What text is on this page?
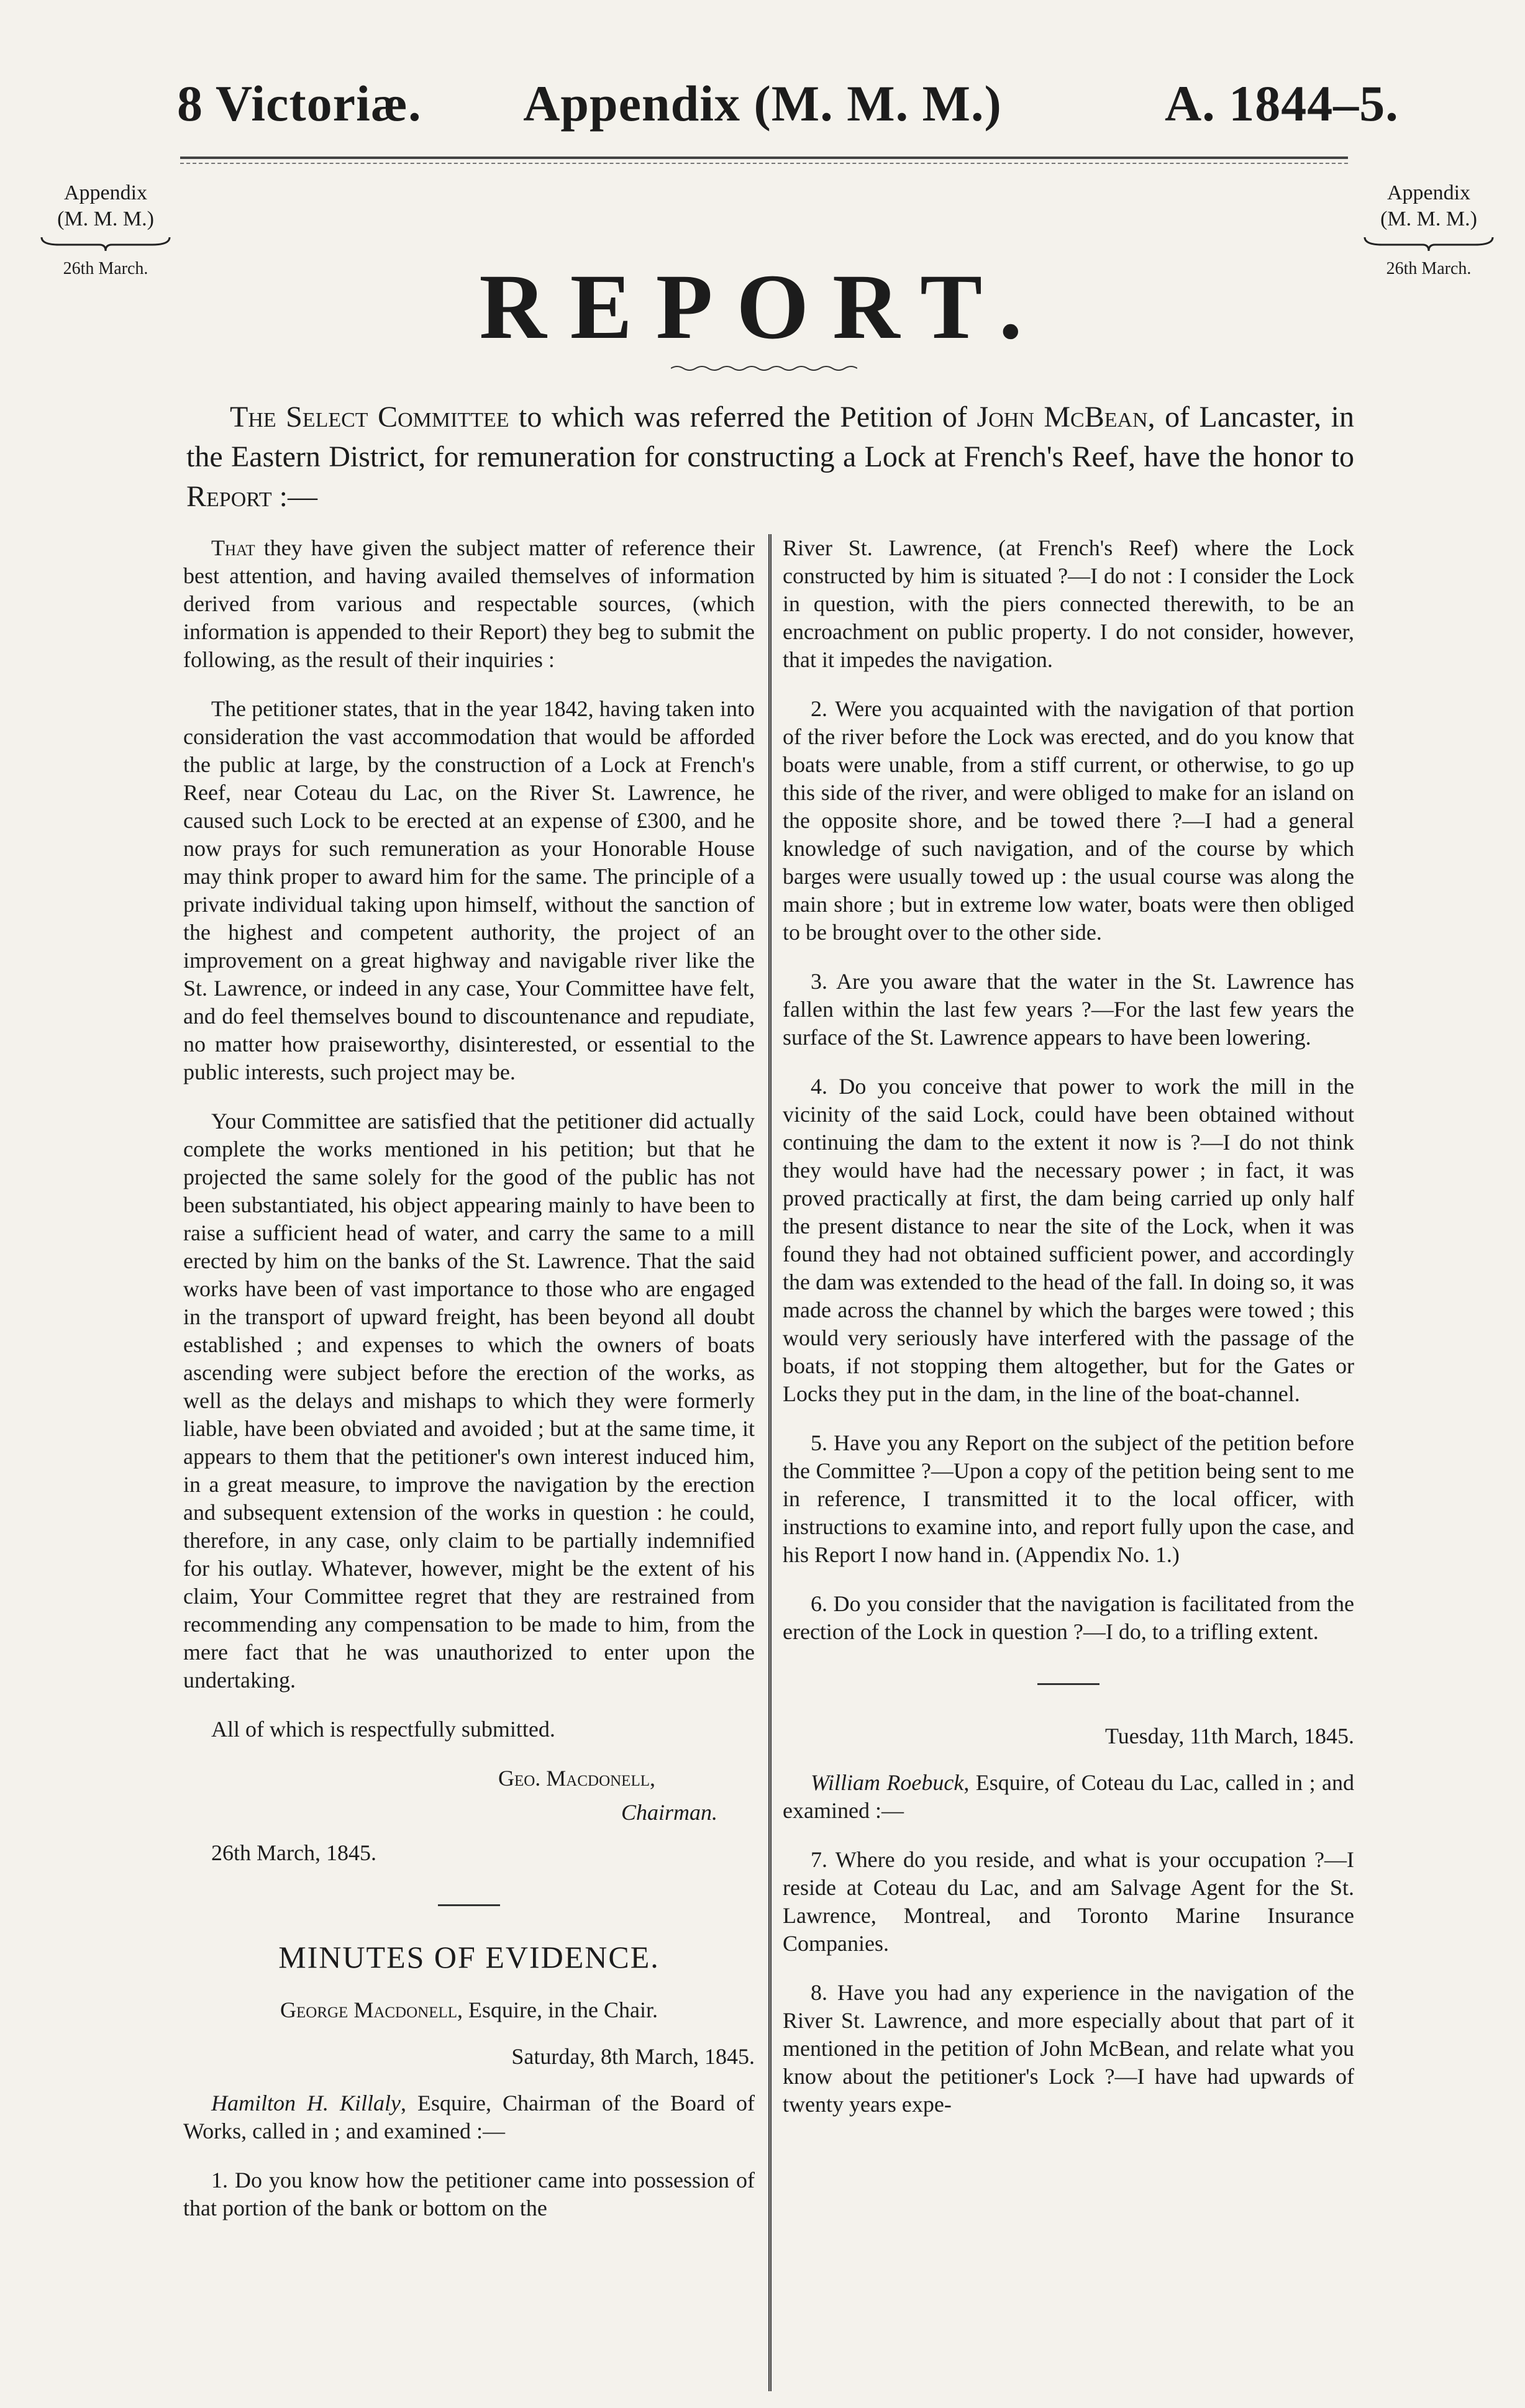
8 Victoriæ.	Appendix (M. M. M.)	A. 1844–5.
Appendix
(M. M. M.)
26th March.
Appendix
(M. M. M.)
26th March.
REPORT.
The Select Committee to which was referred the Petition of John McBean, of Lancaster, in the Eastern District, for remuneration for constructing a Lock at French's Reef, have the honor to Report :—

That they have given the subject matter of reference their best attention, and having availed themselves of information derived from various and respectable sources, (which information is appended to their Report) they beg to submit the following, as the result of their inquiries :

The petitioner states, that in the year 1842, having taken into consideration the vast accommodation that would be afforded the public at large, by the construction of a Lock at French's Reef, near Coteau du Lac, on the River St. Lawrence, he caused such Lock to be erected at an expense of £300, and he now prays for such remuneration as your Honorable House may think proper to award him for the same. The principle of a private individual taking upon himself, without the sanction of the highest and competent authority, the project of an improvement on a great highway and navigable river like the St. Lawrence, or indeed in any case, Your Committee have felt, and do feel themselves bound to discountenance and repudiate, no matter how praiseworthy, disinterested, or essential to the public interests, such project may be.

Your Committee are satisfied that the petitioner did actually complete the works mentioned in his petition; but that he projected the same solely for the good of the public has not been substantiated, his object appearing mainly to have been to raise a sufficient head of water, and carry the same to a mill erected by him on the banks of the St. Lawrence. That the said works have been of vast importance to those who are engaged in the transport of upward freight, has been beyond all doubt established ; and expenses to which the owners of boats ascending were subject before the erection of the works, as well as the delays and mishaps to which they were formerly liable, have been obviated and avoided ; but at the same time, it appears to them that the petitioner's own interest induced him, in a great measure, to improve the navigation by the erection and subsequent extension of the works in question : he could, therefore, in any case, only claim to be partially indemnified for his outlay. Whatever, however, might be the extent of his claim, Your Committee regret that they are restrained from recommending any compensation to be made to him, from the mere fact that he was unauthorized to enter upon the undertaking.

All of which is respectfully submitted.

Geo. Macdonell,
Chairman.
26th March, 1845.
MINUTES OF EVIDENCE.
George Macdonell, Esquire, in the Chair.
Saturday, 8th March, 1845.

Hamilton H. Killaly, Esquire, Chairman of the Board of Works, called in ; and examined :—

1. Do you know how the petitioner came into possession of that portion of the bank or bottom on the

River St. Lawrence, (at French's Reef) where the Lock constructed by him is situated ?—I do not : I consider the Lock in question, with the piers connected therewith, to be an encroachment on public property. I do not consider, however, that it impedes the navigation.

2. Were you acquainted with the navigation of that portion of the river before the Lock was erected, and do you know that boats were unable, from a stiff current, or otherwise, to go up this side of the river, and were obliged to make for an island on the opposite shore, and be towed there ?—I had a general knowledge of such navigation, and of the course by which barges were usually towed up : the usual course was along the main shore ; but in extreme low water, boats were then obliged to be brought over to the other side.

3. Are you aware that the water in the St. Lawrence has fallen within the last few years ?—For the last few years the surface of the St. Lawrence appears to have been lowering.

4. Do you conceive that power to work the mill in the vicinity of the said Lock, could have been obtained without continuing the dam to the extent it now is ?—I do not think they would have had the necessary power ; in fact, it was proved practically at first, the dam being carried up only half the present distance to near the site of the Lock, when it was found they had not obtained sufficient power, and accordingly the dam was extended to the head of the fall. In doing so, it was made across the channel by which the barges were towed ; this would very seriously have interfered with the passage of the boats, if not stopping them altogether, but for the Gates or Locks they put in the dam, in the line of the boat-channel.

5. Have you any Report on the subject of the petition before the Committee ?—Upon a copy of the petition being sent to me in reference, I transmitted it to the local officer, with instructions to examine into, and report fully upon the case, and his Report I now hand in. (Appendix No. 1.)

6. Do you consider that the navigation is facilitated from the erection of the Lock in question ?—I do, to a trifling extent.

Tuesday, 11th March, 1845.

William Roebuck, Esquire, of Coteau du Lac, called in ; and examined :—

7. Where do you reside, and what is your occupation ?—I reside at Coteau du Lac, and am Salvage Agent for the St. Lawrence, Montreal, and Toronto Marine Insurance Companies.

8. Have you had any experience in the navigation of the River St. Lawrence, and more especially about that part of it mentioned in the petition of John McBean, and relate what you know about the petitioner's Lock ?—I have had upwards of twenty years expe-
